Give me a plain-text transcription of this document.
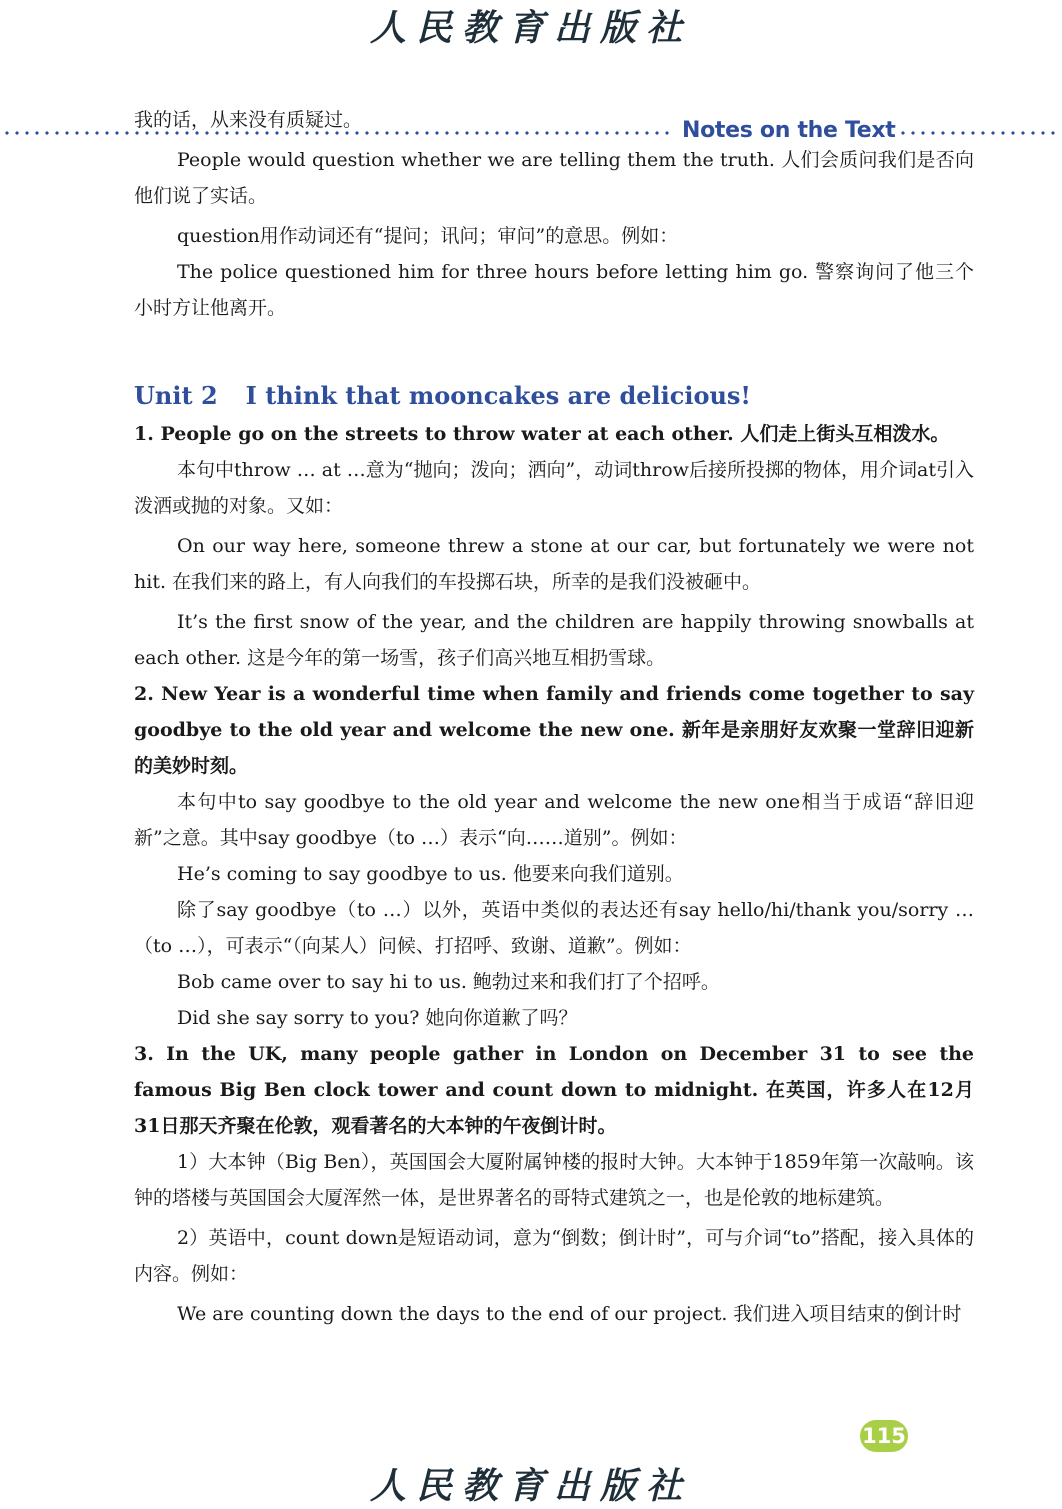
人民教育出版社
Notes on the Text

我的话，从来没有质疑过。

People would question whether we are telling them the truth. 人们会质问我们是否向他们说了实话。

question用作动词还有“提问；讯问；审问”的意思。例如：

The police questioned him for three hours before letting him go. 警察询问了他三个小时方让他离开。

Unit 2 I think that mooncakes are delicious!

1. People go on the streets to throw water at each other. 人们走上街头互相泼水。

本句中throw … at …意为“抛向；泼向；洒向”，动词throw后接所投掷的物体，用介词at引入泼洒或抛的对象。又如：

On our way here, someone threw a stone at our car, but fortunately we were not hit. 在我们来的路上，有人向我们的车投掷石块，所幸的是我们没被砸中。

It’s the first snow of the year, and the children are happily throwing snowballs at each other. 这是今年的第一场雪，孩子们高兴地互相扔雪球。

2. New Year is a wonderful time when family and friends come together to say goodbye to the old year and welcome the new one. 新年是亲朋好友欢聚一堂辞旧迎新的美妙时刻。

本句中to say goodbye to the old year and welcome the new one相当于成语“辞旧迎新”之意。其中say goodbye（to …）表示“向……道别”。例如：

He’s coming to say goodbye to us. 他要来向我们道别。

除了say goodbye（to …）以外，英语中类似的表达还有say hello/hi/thank you/sorry …（to …），可表示“（向某人）问候、打招呼、致谢、道歉”。例如：

Bob came over to say hi to us. 鲍勃过来和我们打了个招呼。

Did she say sorry to you? 她向你道歉了吗？

3. In the UK, many people gather in London on December 31 to see the famous Big Ben clock tower and count down to midnight. 在英国，许多人在12月31日那天齐聚在伦敦，观看著名的大本钟的午夜倒计时。

1）大本钟（Big Ben），英国国会大厦附属钟楼的报时大钟。大本钟于1859年第一次敲响。该钟的塔楼与英国国会大厦浑然一体，是世界著名的哥特式建筑之一，也是伦敦的地标建筑。

2）英语中，count down是短语动词，意为“倒数；倒计时”，可与介词“to”搭配，接入具体的内容。例如：

We are counting down the days to the end of our project. 我们进入项目结束的倒计时

115
人民教育出版社
